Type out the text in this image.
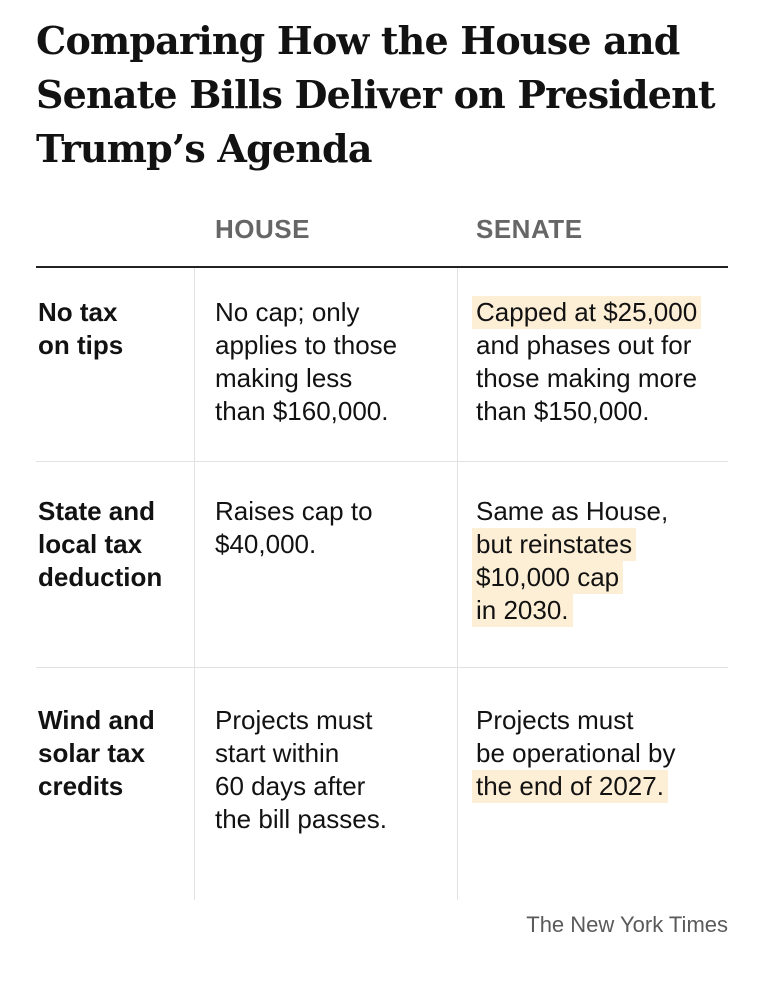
Comparing How the House and Senate Bills Deliver on President Trump’s Agenda
HOUSE	SENATE
No tax
on tips
No cap; only
applies to those
making less
than $160,000.
Capped at $25,000
and phases out for
those making more
than $150,000.
State and
local tax
deduction
Raises cap to
$40,000.
Same as House,
but reinstates
$10,000 cap
in 2030.
Wind and
solar tax
credits
Projects must
start within
60 days after
the bill passes.
Projects must
be operational by
the end of 2027.
The New York Times
